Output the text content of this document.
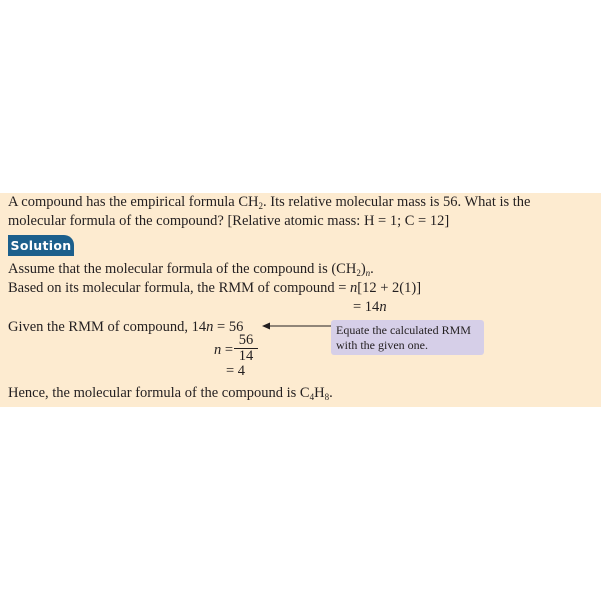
A compound has the empirical formula $CH_2$. Its relative molecular mass is 56. What is the
molecular formula of the compound? [Relative atomic mass: H = 1; C = 12]
Solution
Assume that the molecular formula of the compound is $(CH_2)_n$.
Based on its molecular formula, the RMM of compound = n[12 + 2(1)]
= 14n
Given the RMM of compound, 14n = 56	Equate the calculated RMM
with the given one.
n =
56
14
= 4
Hence, the molecular formula of the compound is $C_4H_8$.
